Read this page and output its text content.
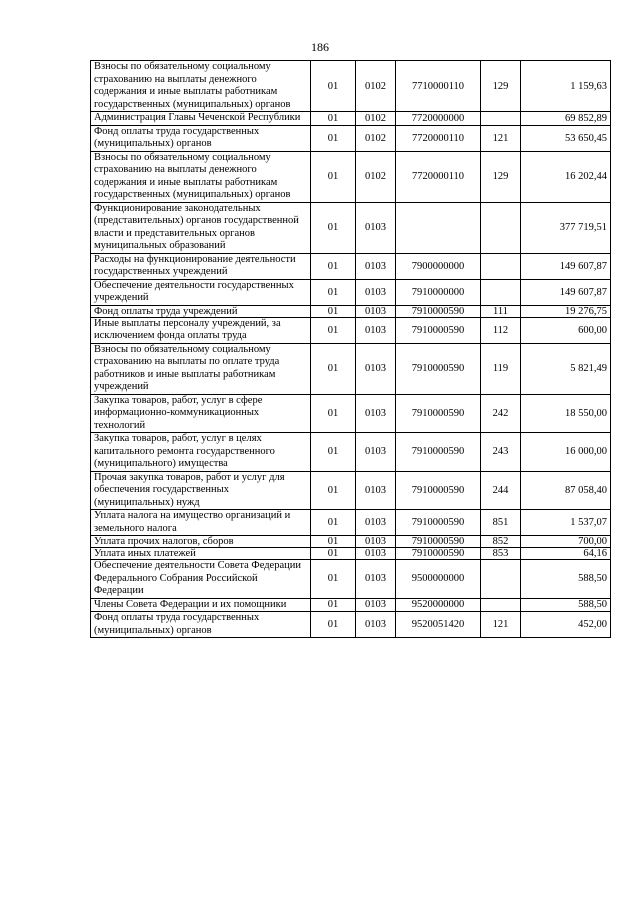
186
Взносы по обязательному социальному страхованию на выплаты денежного содержания и иные выплаты работникам государственных (муниципальных) органов	01	0102	7710000110	129	1 159,63
Администрация Главы Чеченской Республики	01	0102	7720000000		69 852,89
Фонд оплаты труда государственных (муниципальных) органов	01	0102	7720000110	121	53 650,45
Взносы по обязательному социальному страхованию на выплаты денежного содержания и иные выплаты работникам государственных (муниципальных) органов	01	0102	7720000110	129	16 202,44
Функционирование законодательных (представительных) органов государственной власти и представительных органов муниципальных образований	01	0103			377 719,51
Расходы на функционирование деятельности государственных учреждений	01	0103	7900000000		149 607,87
Обеспечение деятельности государственных учреждений	01	0103	7910000000		149 607,87
Фонд оплаты труда учреждений	01	0103	7910000590	111	19 276,75
Иные выплаты персоналу учреждений, за исключением фонда оплаты труда	01	0103	7910000590	112	600,00
Взносы по обязательному социальному страхованию на выплаты по оплате труда работников и иные выплаты работникам учреждений	01	0103	7910000590	119	5 821,49
Закупка товаров, работ, услуг в сфере информационно-коммуникационных технологий	01	0103	7910000590	242	18 550,00
Закупка товаров, работ, услуг в целях капитального ремонта государственного (муниципального) имущества	01	0103	7910000590	243	16 000,00
Прочая закупка товаров, работ и услуг для обеспечения государственных (муниципальных) нужд	01	0103	7910000590	244	87 058,40
Уплата налога на имущество организаций и земельного налога	01	0103	7910000590	851	1 537,07
Уплата прочих налогов, сборов	01	0103	7910000590	852	700,00
Уплата иных платежей	01	0103	7910000590	853	64,16
Обеспечение деятельности Совета Федерации Федерального Собрания Российской Федерации	01	0103	9500000000		588,50
Члены Совета Федерации и их помощники	01	0103	9520000000		588,50
Фонд оплаты труда государственных (муниципальных) органов	01	0103	9520051420	121	452,00
